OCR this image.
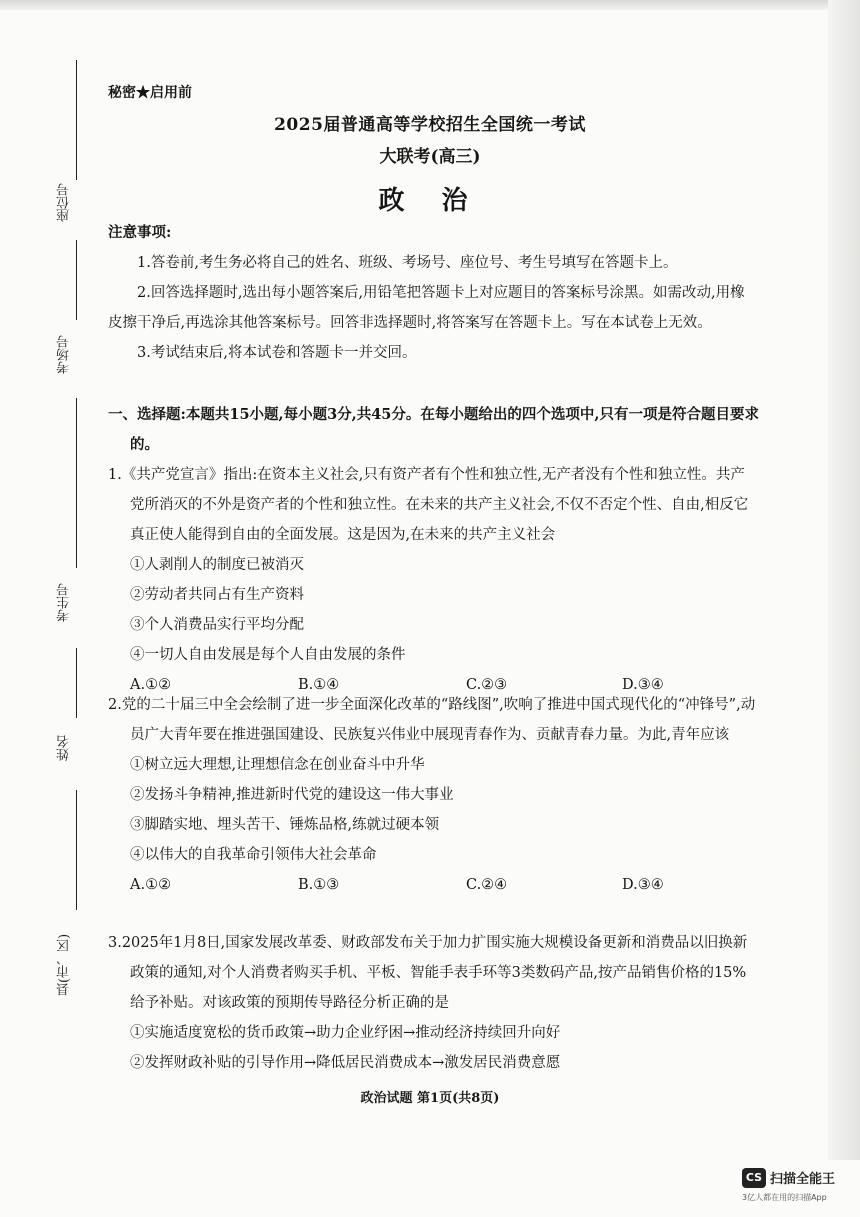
座位号
考场号
考生号
姓名
县(市、区)
秘密★启用前
2025届普通高等学校招生全国统一考试
大联考(高三)
政 治
注意事项:
1.答卷前,考生务必将自己的姓名、班级、考场号、座位号、考生号填写在答题卡上。
2.回答选择题时,选出每小题答案后,用铅笔把答题卡上对应题目的答案标号涂黑。如需改动,用橡皮擦干净后,再选涂其他答案标号。回答非选择题时,将答案写在答题卡上。写在本试卷上无效。
3.考试结束后,将本试卷和答题卡一并交回。
一、选择题:本题共15小题,每小题3分,共45分。在每小题给出的四个选项中,只有一项是符合题目要求的。
1.《共产党宣言》指出:在资本主义社会,只有资产者有个性和独立性,无产者没有个性和独立性。共产党所消灭的不外是资产者的个性和独立性。在未来的共产主义社会,不仅不否定个性、自由,相反它真正使人能得到自由的全面发展。这是因为,在未来的共产主义社会
①人剥削人的制度已被消灭
②劳动者共同占有生产资料
③个人消费品实行平均分配
④一切人自由发展是每个人自由发展的条件
A.①②	B.①④	C.②③	D.③④
2.党的二十届三中全会绘制了进一步全面深化改革的“路线图”,吹响了推进中国式现代化的“冲锋号”,动员广大青年要在推进强国建设、民族复兴伟业中展现青春作为、贡献青春力量。为此,青年应该
①树立远大理想,让理想信念在创业奋斗中升华
②发扬斗争精神,推进新时代党的建设这一伟大事业
③脚踏实地、埋头苦干、锤炼品格,练就过硬本领
④以伟大的自我革命引领伟大社会革命
A.①②	B.①③	C.②④	D.③④
3.2025年1月8日,国家发展改革委、财政部发布关于加力扩围实施大规模设备更新和消费品以旧换新政策的通知,对个人消费者购买手机、平板、智能手表手环等3类数码产品,按产品销售价格的15%给予补贴。对该政策的预期传导路径分析正确的是
①实施适度宽松的货币政策→助力企业纾困→推动经济持续回升向好
②发挥财政补贴的引导作用→降低居民消费成本→激发居民消费意愿
政治试题 第1页(共8页)
CS 扫描全能王
3亿人都在用的扫描App
